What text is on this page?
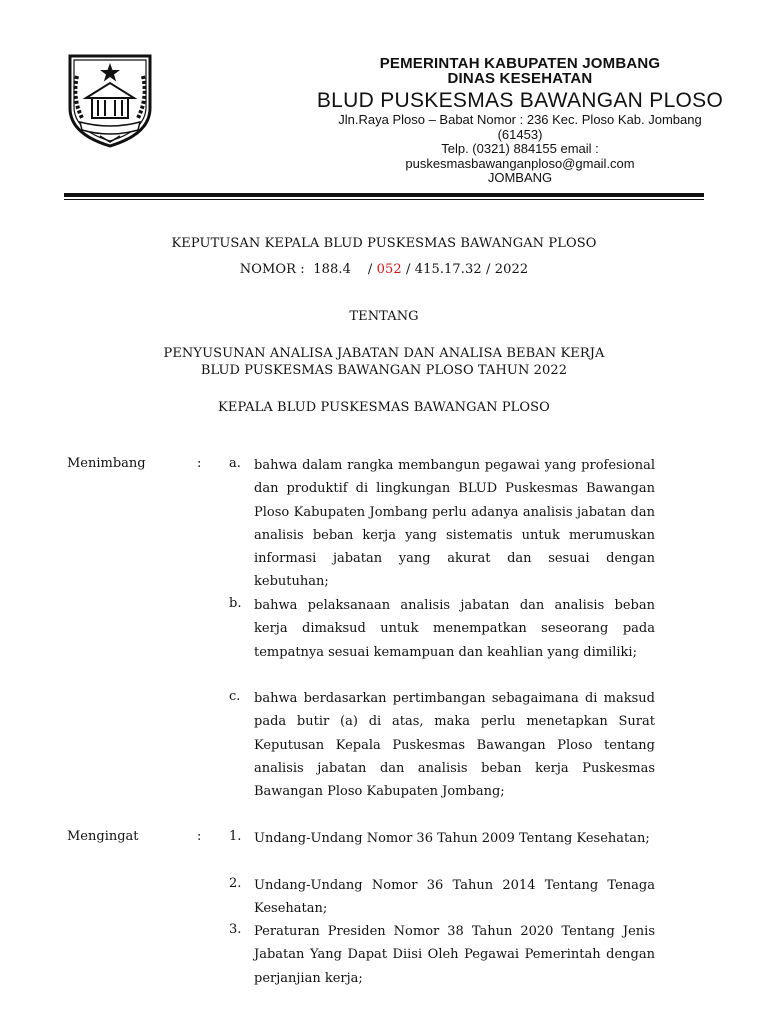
PEMERINTAH KABUPATEN JOMBANG
DINAS KESEHATAN
BLUD PUSKESMAS BAWANGAN PLOSO
Jln.Raya Ploso – Babat Nomor : 236 Kec. Ploso Kab. Jombang
(61453)
Telp. (0321) 884155 email :
puskesmasbawanganploso@gmail.com
JOMBANG
KEPUTUSAN KEPALA BLUD PUSKESMAS BAWANGAN PLOSO
NOMOR : 188.4 / 052 / 415.17.32 / 2022
TENTANG
PENYUSUNAN ANALISA JABATAN DAN ANALISA BEBAN KERJA
BLUD PUSKESMAS BAWANGAN PLOSO TAHUN 2022
KEPALA BLUD PUSKESMAS BAWANGAN PLOSO
Menimbang	: a.	bahwa dalam rangka membangun pegawai yang profesional dan produktif di lingkungan BLUD Puskesmas Bawangan Ploso Kabupaten Jombang perlu adanya analisis jabatan dan analisis beban kerja yang sistematis untuk merumuskan informasi jabatan yang akurat dan sesuai dengan kebutuhan;
b. bahwa pelaksanaan analisis jabatan dan analisis beban kerja dimaksud untuk menempatkan seseorang pada tempatnya sesuai kemampuan dan keahlian yang dimiliki;
c.	bahwa berdasarkan pertimbangan sebagaimana di maksud pada butir (a) di atas, maka perlu menetapkan Surat Keputusan Kepala Puskesmas Bawangan Ploso tentang analisis jabatan dan analisis beban kerja Puskesmas Bawangan Ploso Kabupaten Jombang;
Mengingat	: 1. Undang-Undang Nomor 36 Tahun 2009 Tentang Kesehatan;
2. Undang-Undang Nomor 36 Tahun 2014 Tentang Tenaga Kesehatan;
3. Peraturan Presiden Nomor 38 Tahun 2020 Tentang Jenis Jabatan Yang Dapat Diisi Oleh Pegawai Pemerintah dengan perjanjian kerja;
